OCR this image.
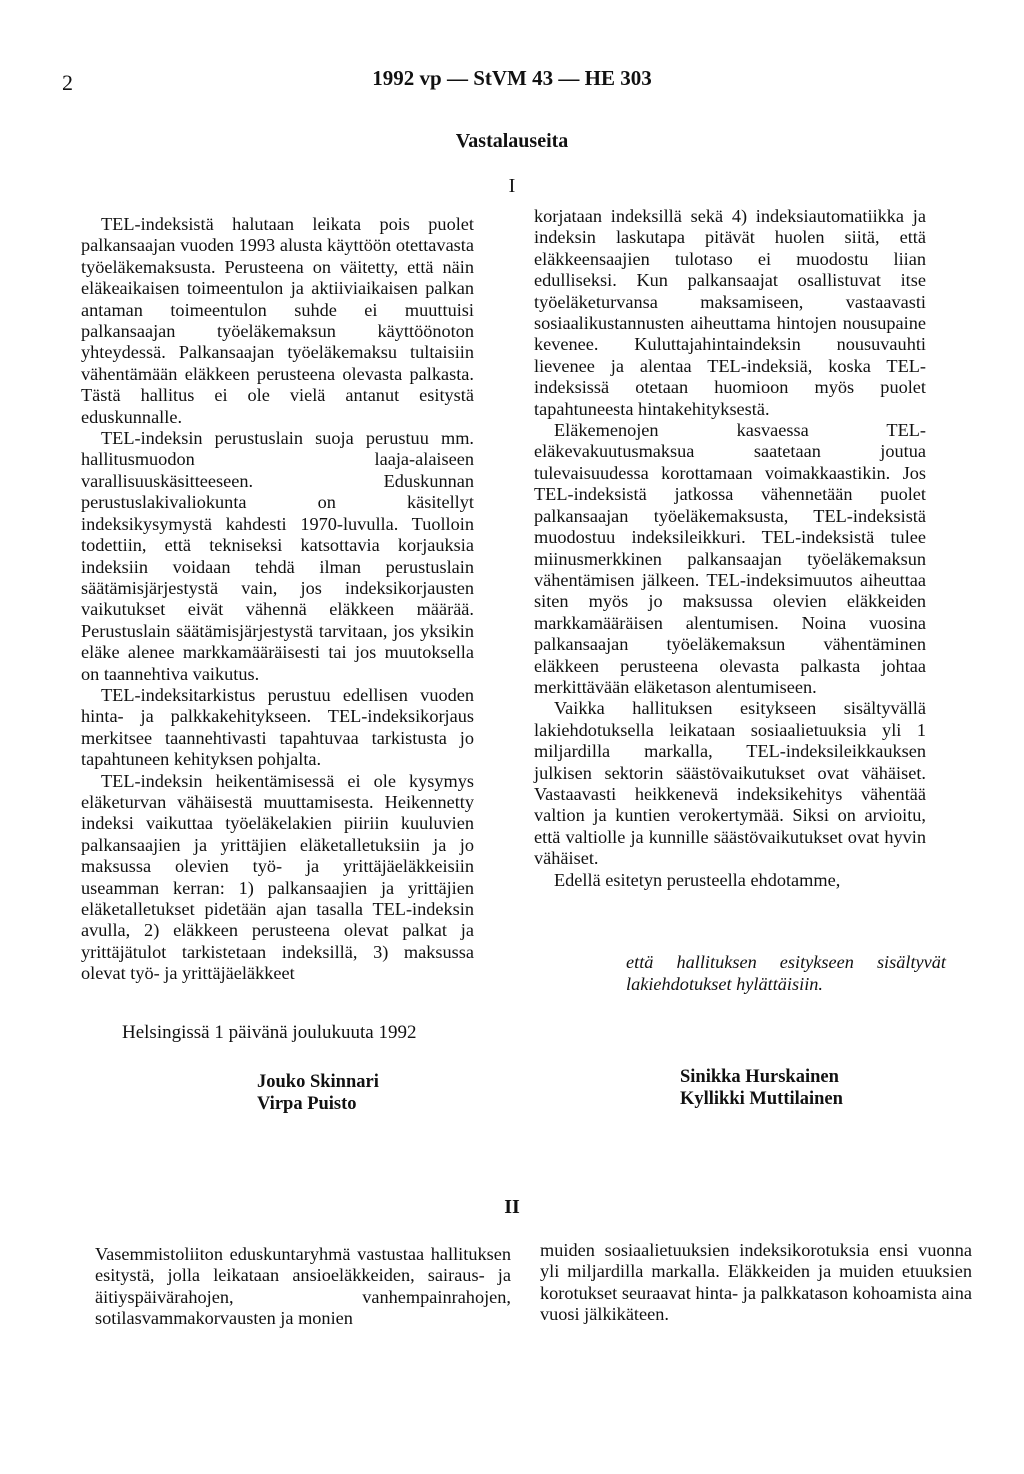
2	1992 vp — StVM 43 — HE 303
Vastalauseita
I

TEL-indeksistä halutaan leikata pois puolet palkansaajan vuoden 1993 alusta käyttöön otettavasta työeläkemaksusta. Perusteena on väitetty, että näin eläkeaikaisen toimeentulon ja aktiiviaikaisen palkan antaman toimeentulon suhde ei muuttuisi palkansaajan työeläkemaksun käyttöönoton yhteydessä. Palkansaajan työeläkemaksu tultaisiin vähentämään eläkkeen perusteena olevasta palkasta. Tästä hallitus ei ole vielä antanut esitystä eduskunnalle.

TEL-indeksin perustuslain suoja perustuu mm. hallitusmuodon laaja-alaiseen varallisuuskäsitteeseen. Eduskunnan perustuslakivaliokunta on käsitellyt indeksikysymystä kahdesti 1970-luvulla. Tuolloin todettiin, että tekniseksi katsottavia korjauksia indeksiin voidaan tehdä ilman perustuslain säätämisjärjestystä vain, jos indeksikorjausten vaikutukset eivät vähennä eläkkeen määrää. Perustuslain säätämisjärjestystä tarvitaan, jos yksikin eläke alenee markkamääräisesti tai jos muutoksella on taannehtiva vaikutus.

TEL-indeksitarkistus perustuu edellisen vuoden hinta- ja palkkakehitykseen. TEL-indeksikorjaus merkitsee taannehtivasti tapahtuvaa tarkistusta jo tapahtuneen kehityksen pohjalta.

TEL-indeksin heikentämisessä ei ole kysymys eläketurvan vähäisestä muuttamisesta. Heikennetty indeksi vaikuttaa työeläkelakien piiriin kuuluvien palkansaajien ja yrittäjien eläketalletuksiin ja jo maksussa olevien työ- ja yrittäjäeläkkeisiin useamman kerran: 1) palkansaajien ja yrittäjien eläketalletukset pidetään ajan tasalla TEL-indeksin avulla, 2) eläkkeen perusteena olevat palkat ja yrittäjätulot tarkistetaan indeksillä, 3) maksussa olevat työ- ja yrittäjäeläkkeet

korjataan indeksillä sekä 4) indeksiautomatiikka ja indeksin laskutapa pitävät huolen siitä, että eläkkeensaajien tulotaso ei muodostu liian edulliseksi. Kun palkansaajat osallistuvat itse työeläketurvansa maksamiseen, vastaavasti sosiaalikustannusten aiheuttama hintojen nousupaine kevenee. Kuluttajahintaindeksin nousuvauhti lievenee ja alentaa TEL-indeksiä, koska TEL-indeksissä otetaan huomioon myös puolet tapahtuneesta hintakehityksestä.

Eläkemenojen kasvaessa TEL-eläkevakuutusmaksua saatetaan joutua tulevaisuudessa korottamaan voimakkaastikin. Jos TEL-indeksistä jatkossa vähennetään puolet palkansaajan työeläkemaksusta, TEL-indeksistä muodostuu indeksileikkuri. TEL-indeksistä tulee miinusmerkkinen palkansaajan työeläkemaksun vähentämisen jälkeen. TEL-indeksimuutos aiheuttaa siten myös jo maksussa olevien eläkkeiden markkamääräisen alentumisen. Noina vuosina palkansaajan työeläkemaksun vähentäminen eläkkeen perusteena olevasta palkasta johtaa merkittävään eläketason alentumiseen.

Vaikka hallituksen esitykseen sisältyvällä lakiehdotuksella leikataan sosiaalietuuksia yli 1 miljardilla markalla, TEL-indeksileikkauksen julkisen sektorin säästövaikutukset ovat vähäiset. Vastaavasti heikkenevä indeksikehitys vähentää valtion ja kuntien verokertymää. Siksi on arvioitu, että valtiolle ja kunnille säästövaikutukset ovat hyvin vähäiset.

Edellä esitetyn perusteella ehdotamme,

että hallituksen esitykseen sisältyvät lakiehdotukset hylättäisiin.
Helsingissä 1 päivänä joulukuuta 1992
Jouko Skinnari
Virpa Puisto
Sinikka Hurskainen
Kyllikki Muttilainen
II

Vasemmistoliiton eduskuntaryhmä vastustaa hallituksen esitystä, jolla leikataan ansioeläkkeiden, sairaus- ja äitiyspäivärahojen, vanhempainrahojen, sotilasvammakorvausten ja monien

muiden sosiaalietuuksien indeksikorotuksia ensi vuonna yli miljardilla markalla. Eläkkeiden ja muiden etuuksien korotukset seuraavat hinta- ja palkkatason kohoamista aina vuosi jälkikäteen.
